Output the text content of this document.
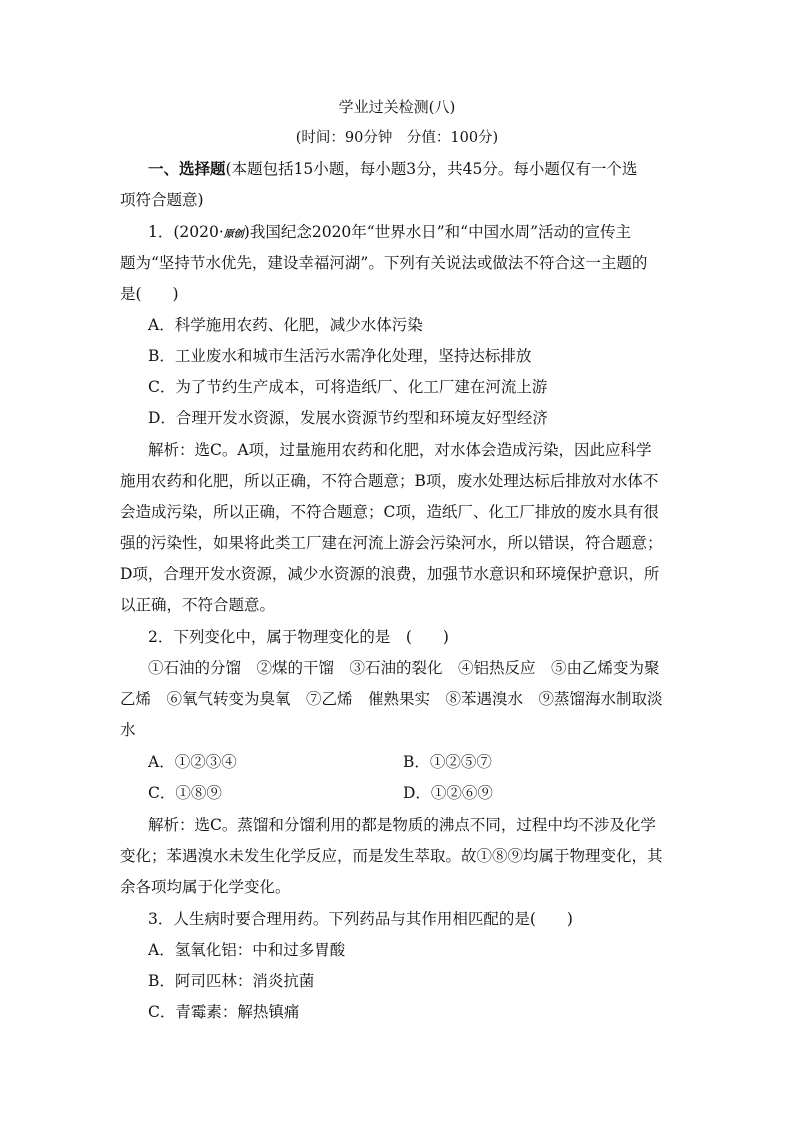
学业过关检测(八)
(时间：90分钟　分值：100分)
一、选择题(本题包括15小题，每小题3分，共45分。每小题仅有一个选
项符合题意)
1．(2020·原创)我国纪念2020年“世界水日”和“中国水周”活动的宣传主
题为“坚持节水优先，建设幸福河湖”。下列有关说法或做法不符合这一主题的
是(　　)
A．科学施用农药、化肥，减少水体污染
B．工业废水和城市生活污水需净化处理，坚持达标排放
C．为了节约生产成本，可将造纸厂、化工厂建在河流上游
D．合理开发水资源，发展水资源节约型和环境友好型经济
解析：选C。A项，过量施用农药和化肥，对水体会造成污染，因此应科学
施用农药和化肥，所以正确，不符合题意；B项，废水处理达标后排放对水体不
会造成污染，所以正确，不符合题意；C项，造纸厂、化工厂排放的废水具有很
强的污染性，如果将此类工厂建在河流上游会污染河水，所以错误，符合题意；
D项，合理开发水资源，减少水资源的浪费，加强节水意识和环境保护意识，所
以正确，不符合题意。
2．下列变化中，属于物理变化的是　(　　)
①石油的分馏　②煤的干馏　③石油的裂化　④铝热反应　⑤由乙烯变为聚
乙烯　⑥氧气转变为臭氧　⑦乙烯　催熟果实　⑧苯遇溴水　⑨蒸馏海水制取淡
水
A．①②③④	B．①②⑤⑦
C．①⑧⑨	D．①②⑥⑨
解析：选C。蒸馏和分馏利用的都是物质的沸点不同，过程中均不涉及化学
变化；苯遇溴水未发生化学反应，而是发生萃取。故①⑧⑨均属于物理变化，其
余各项均属于化学变化。
3．人生病时要合理用药。下列药品与其作用相匹配的是(　　)
A．氢氧化铝：中和过多胃酸
B．阿司匹林：消炎抗菌
C．青霉素：解热镇痛
